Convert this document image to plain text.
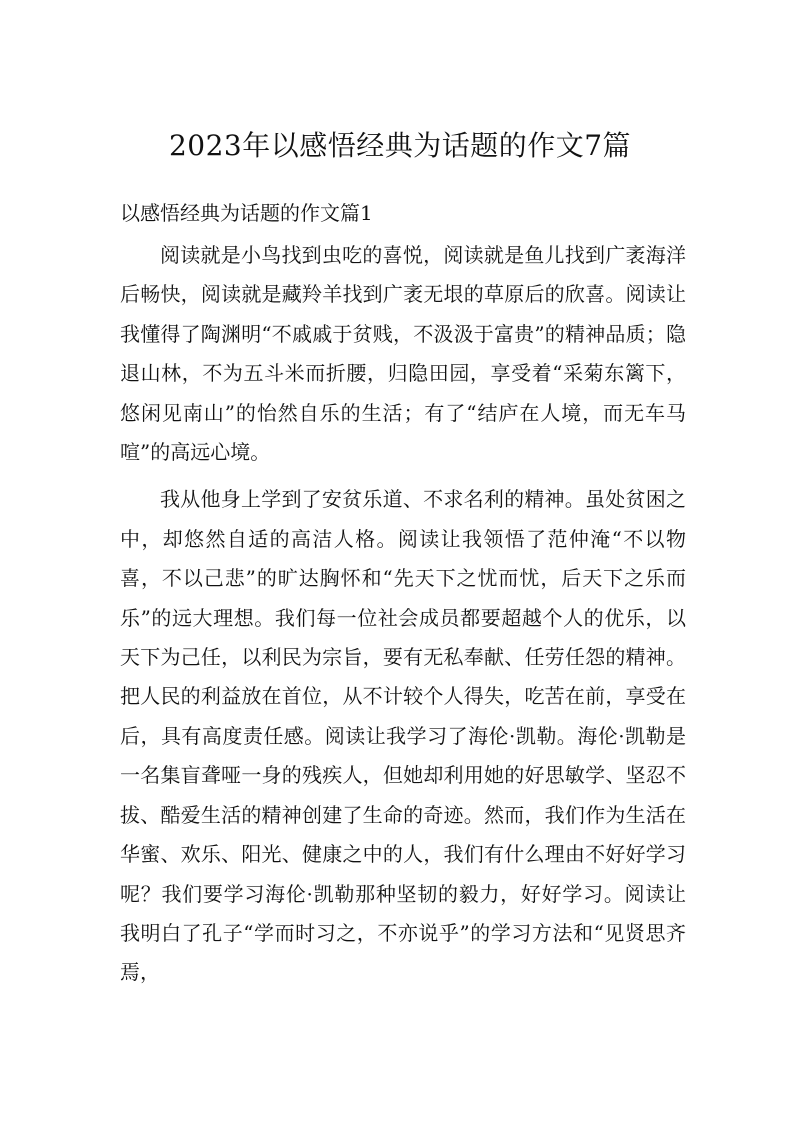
2023年以感悟经典为话题的作文7篇

以感悟经典为话题的作文篇1

阅读就是小鸟找到虫吃的喜悦，阅读就是鱼儿找到广袤海洋后畅快，阅读就是藏羚羊找到广袤无垠的草原后的欣喜。阅读让我懂得了陶渊明“不戚戚于贫贱，不汲汲于富贵”的精神品质；隐退山林，不为五斗米而折腰，归隐田园，享受着“采菊东篱下，悠闲见南山”的怡然自乐的生活；有了“结庐在人境，而无车马喧”的高远心境。

我从他身上学到了安贫乐道、不求名利的精神。虽处贫困之中，却悠然自适的高洁人格。阅读让我领悟了范仲淹“不以物喜，不以己悲”的旷达胸怀和“先天下之忧而忧，后天下之乐而乐”的远大理想。我们每一位社会成员都要超越个人的优乐，以天下为己任，以利民为宗旨，要有无私奉献、任劳任怨的精神。把人民的利益放在首位，从不计较个人得失，吃苦在前，享受在后，具有高度责任感。阅读让我学习了海伦·凯勒。海伦·凯勒是一名集盲聋哑一身的残疾人，但她却利用她的好思敏学、坚忍不拔、酷爱生活的精神创建了生命的奇迹。然而，我们作为生活在华蜜、欢乐、阳光、健康之中的人，我们有什么理由不好好学习呢？我们要学习海伦·凯勒那种坚韧的毅力，好好学习。阅读让我明白了孔子“学而时习之，不亦说乎”的学习方法和“见贤思齐焉，
